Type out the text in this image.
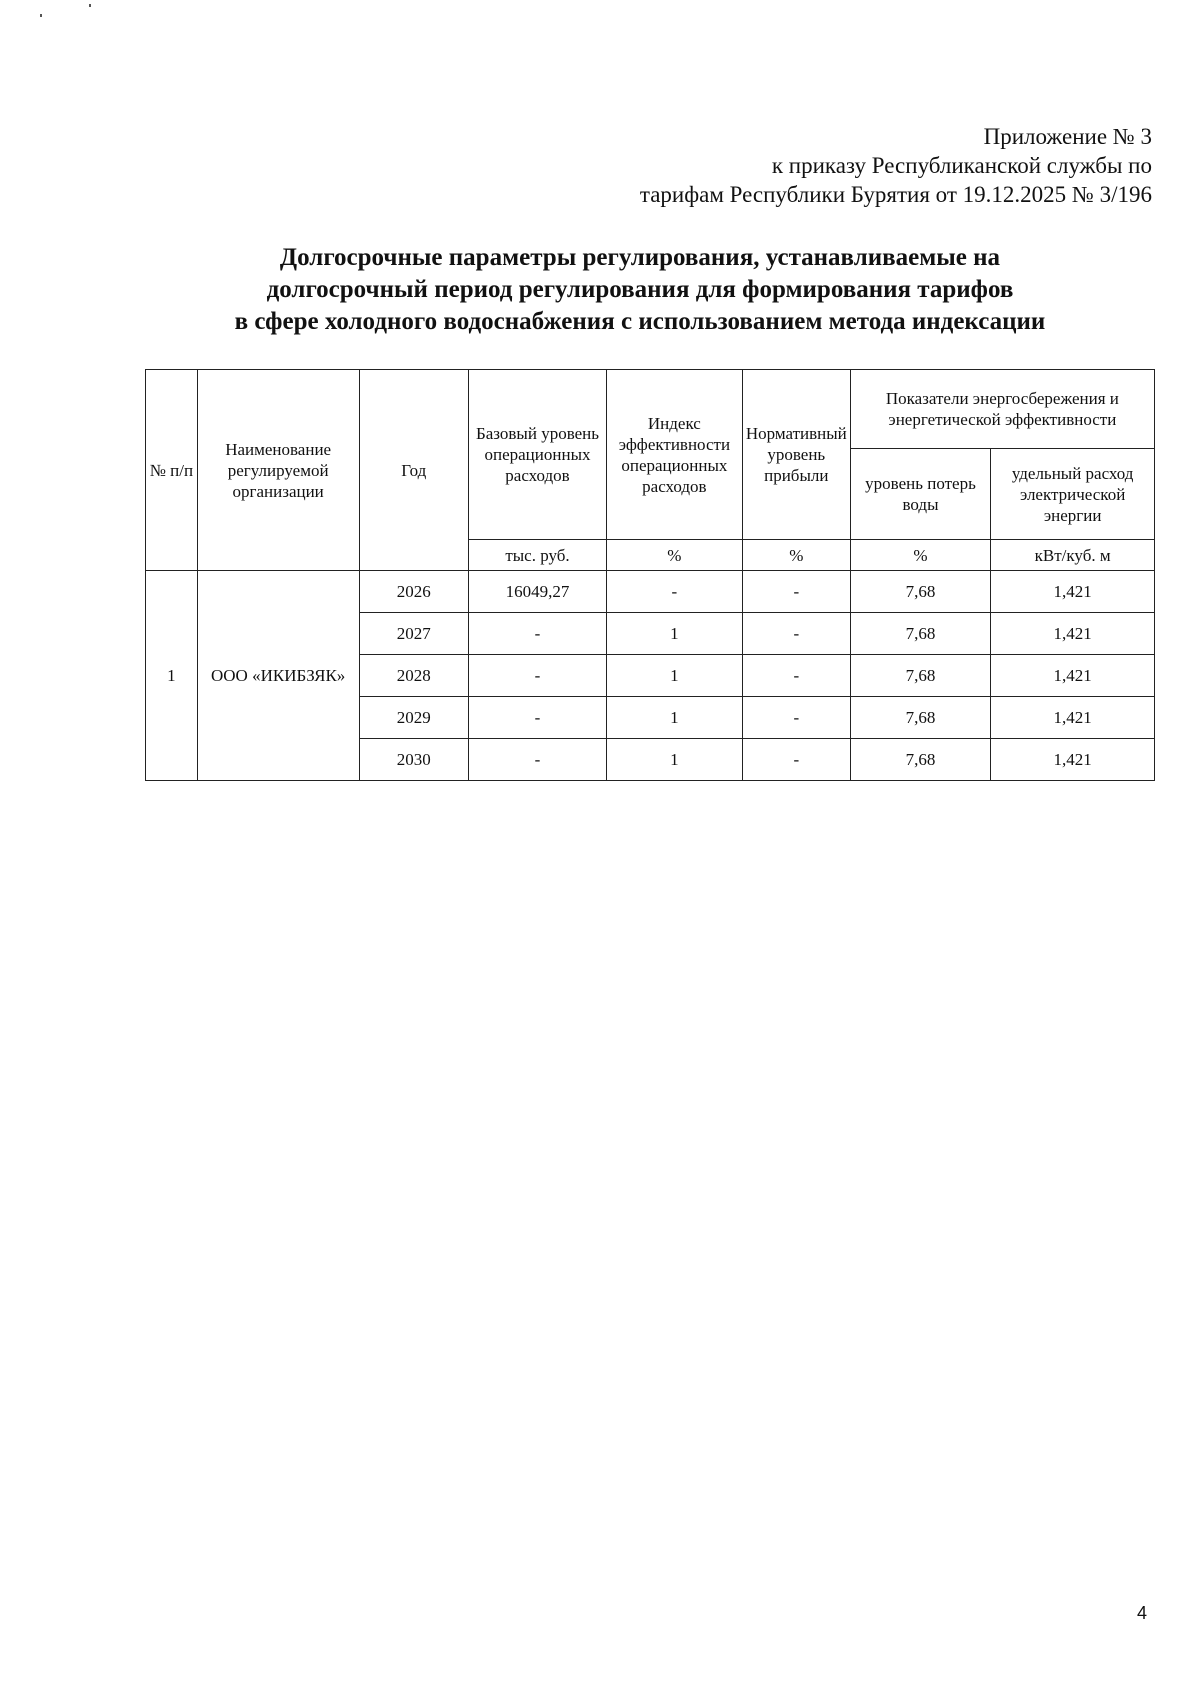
Приложение № 3
к приказу Республиканской службы по
тарифам Республики Бурятия от 19.12.2025 № 3/196
Долгосрочные параметры регулирования, устанавливаемые на
долгосрочный период регулирования для формирования тарифов
в сфере холодного водоснабжения с использованием метода индексации
№ п/п	Наименование регулируемой организации	Год	Базовый уровень операционных расходов	Индекс эффективности операционных расходов	Нормативный уровень прибыли	Показатели энергосбережения и энергетической эффективности	
						уровень потерь воды	удельный расход электрической энергии
			тыс. руб.	%	%	%	кВт/куб. м
1	ООО «ИКИБЗЯК»	2026	16049,27	-	-	7,68	1,421
		2027	-	1	-	7,68	1,421
		2028	-	1	-	7,68	1,421
		2029	-	1	-	7,68	1,421
		2030	-	1	-	7,68	1,421
4
